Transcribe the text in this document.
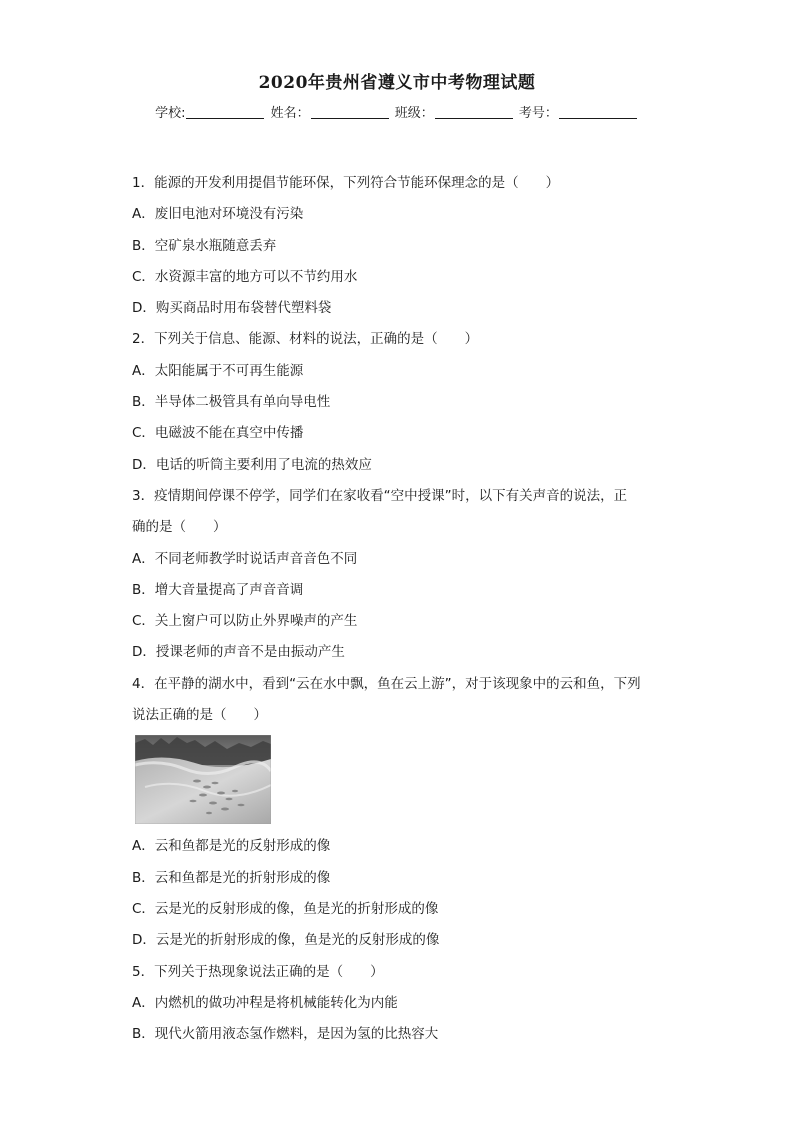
2020年贵州省遵义市中考物理试题
学校:	姓名：	班级：	考号：
1．能源的开发利用提倡节能环保，下列符合节能环保理念的是（　　）
A．废旧电池对环境没有污染
B．空矿泉水瓶随意丢弃
C．水资源丰富的地方可以不节约用水
D．购买商品时用布袋替代塑料袋
2．下列关于信息、能源、材料的说法，正确的是（　　）
A．太阳能属于不可再生能源
B．半导体二极管具有单向导电性
C．电磁波不能在真空中传播
D．电话的听筒主要利用了电流的热效应
3．疫情期间停课不停学，同学们在家收看“空中授课”时，以下有关声音的说法，正
确的是（　　）
A．不同老师教学时说话声音音色不同
B．增大音量提高了声音音调
C．关上窗户可以防止外界噪声的产生
D．授课老师的声音不是由振动产生
4．在平静的湖水中，看到“云在水中飘，鱼在云上游”，对于该现象中的云和鱼，下列
说法正确的是（　　）
A．云和鱼都是光的反射形成的像
B．云和鱼都是光的折射形成的像
C．云是光的反射形成的像，鱼是光的折射形成的像
D．云是光的折射形成的像，鱼是光的反射形成的像
5．下列关于热现象说法正确的是（　　）
A．内燃机的做功冲程是将机械能转化为内能
B．现代火箭用液态氢作燃料，是因为氢的比热容大
